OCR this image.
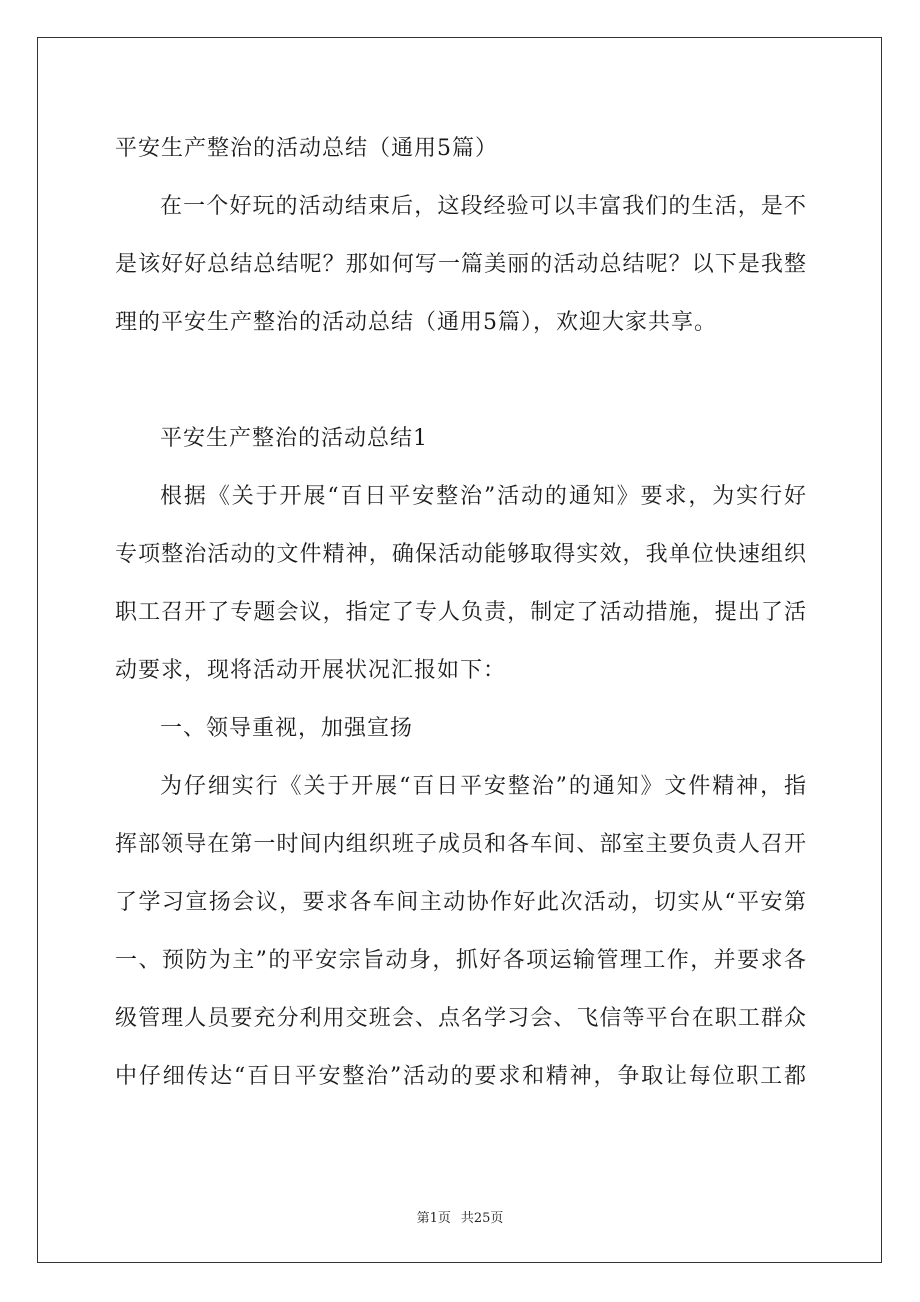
平安生产整治的活动总结（通用5篇）

在一个好玩的活动结束后，这段经验可以丰富我们的生活，是不

是该好好总结总结呢？那如何写一篇美丽的活动总结呢？以下是我整

理的平安生产整治的活动总结（通用5篇），欢迎大家共享。

平安生产整治的活动总结1

根据《关于开展“百日平安整治”活动的通知》要求，为实行好

专项整治活动的文件精神，确保活动能够取得实效，我单位快速组织

职工召开了专题会议，指定了专人负责，制定了活动措施，提出了活

动要求，现将活动开展状况汇报如下：

一、领导重视，加强宣扬

为仔细实行《关于开展“百日平安整治”的通知》文件精神，指

挥部领导在第一时间内组织班子成员和各车间、部室主要负责人召开

了学习宣扬会议，要求各车间主动协作好此次活动，切实从“平安第

一、预防为主”的平安宗旨动身，抓好各项运输管理工作，并要求各

级管理人员要充分利用交班会、点名学习会、飞信等平台在职工群众

中仔细传达“百日平安整治”活动的要求和精神，争取让每位职工都

第1页 共25页
